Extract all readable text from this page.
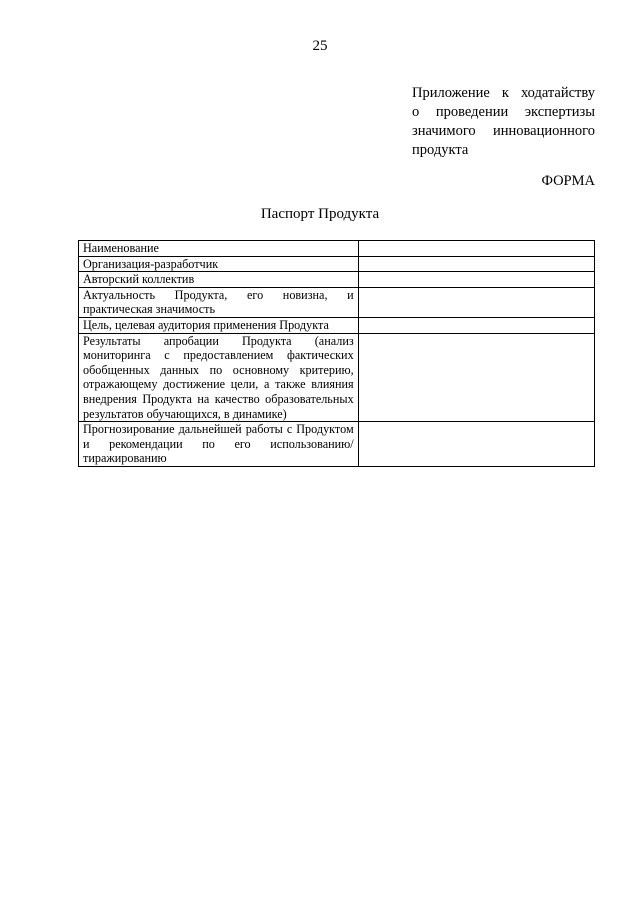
25
Приложение к ходатайству
о проведении экспертизы
значимого инновационного
продукта
ФОРМА
Паспорт Продукта
Наименование	
Организация-разработчик	
Авторский коллектив	
Актуальность Продукта, его новизна, и практическая значимость	
Цель, целевая аудитория применения Продукта	
Результаты апробации Продукта (анализ мониторинга с предоставлением фактических обобщенных данных по основному критерию, отражающему достижение цели, а также влияния внедрения Продукта на качество образовательных результатов обучающихся, в динамике)	
Прогнозирование дальнейшей работы с Продуктом и рекомендации по его использованию/тиражированию	
